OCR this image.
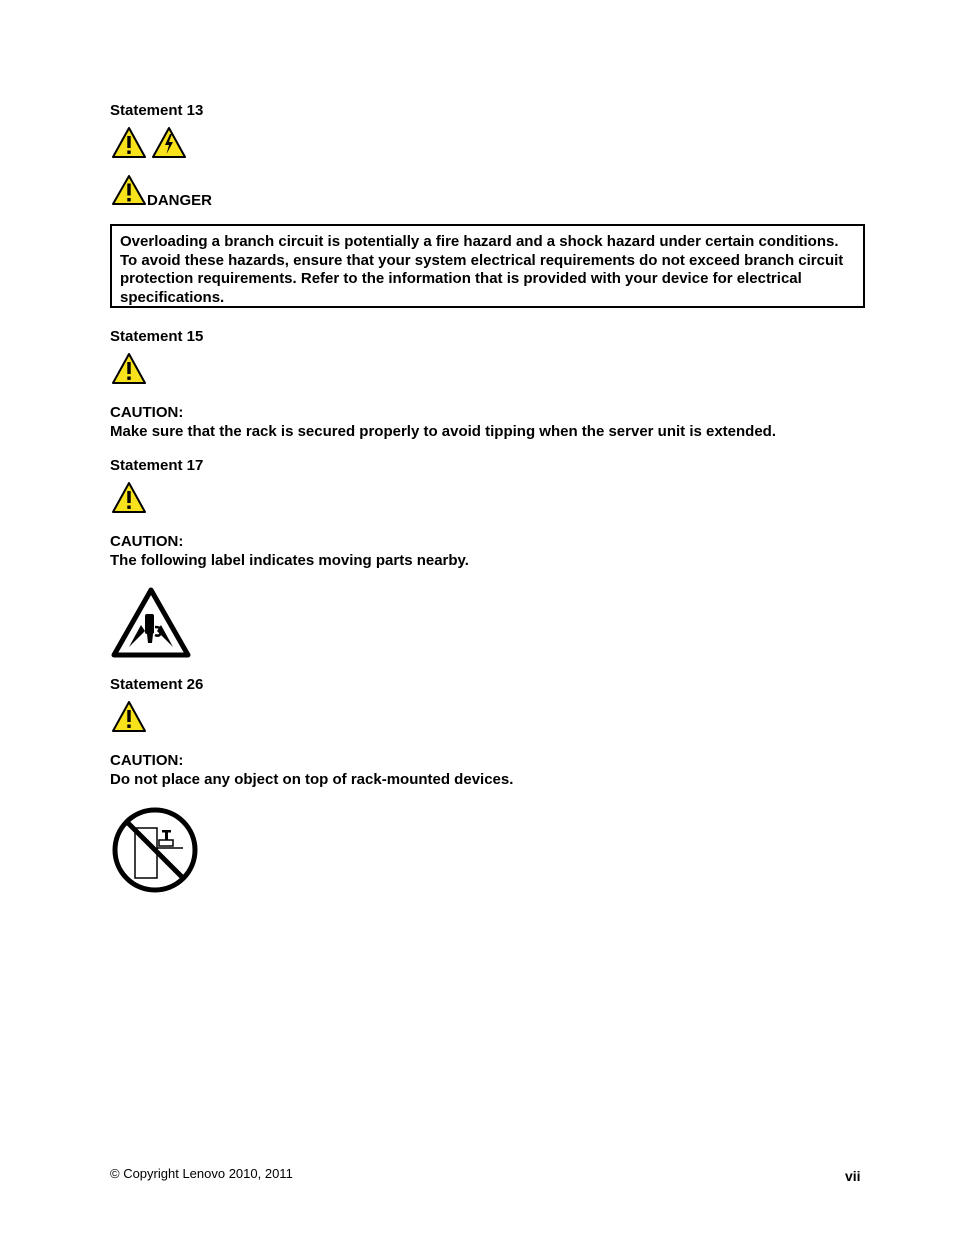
Statement 13
DANGER
Overloading a branch circuit is potentially a fire hazard and a shock hazard under certain conditions. To avoid these hazards, ensure that your system electrical requirements do not exceed branch circuit protection requirements. Refer to the information that is provided with your device for electrical specifications.
Statement 15
CAUTION:
Make sure that the rack is secured properly to avoid tipping when the server unit is extended.
Statement 17
CAUTION:
The following label indicates moving parts nearby.
Statement 26
CAUTION:
Do not place any object on top of rack-mounted devices.
© Copyright Lenovo 2010, 2011	vii
